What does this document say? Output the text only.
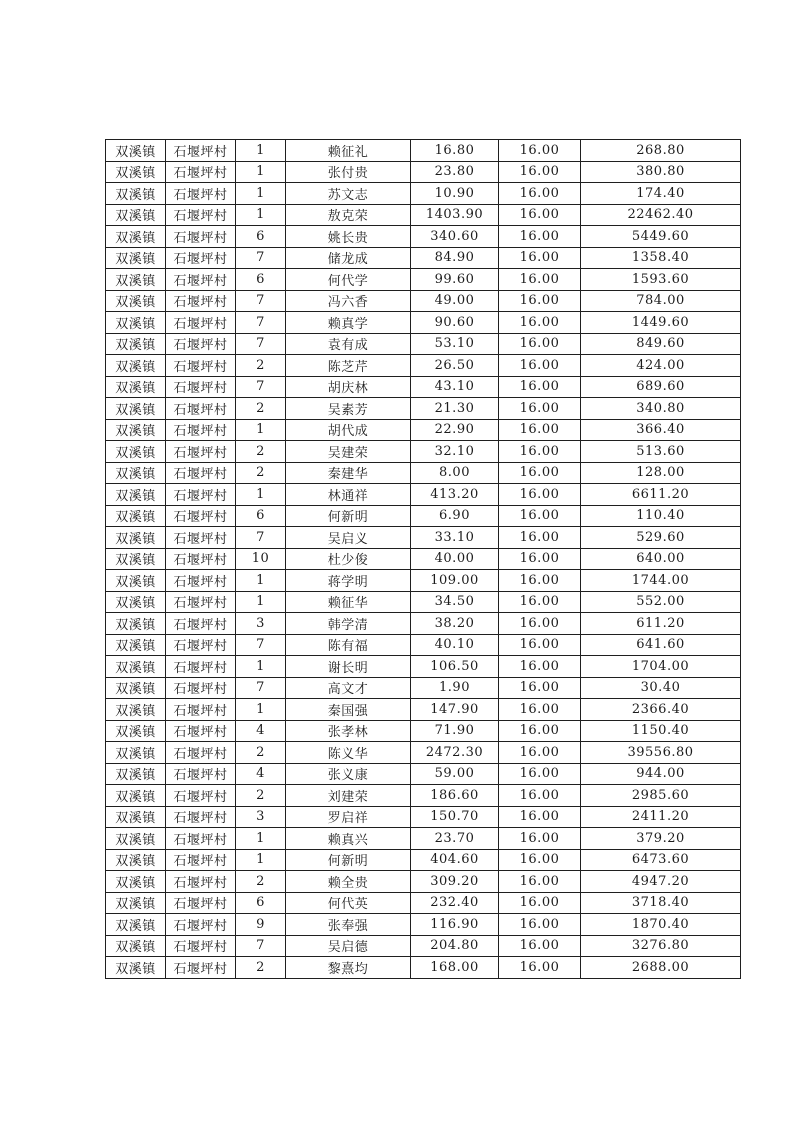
双溪镇	石堰坪村	1	赖征礼	16.80	16.00	268.80
双溪镇	石堰坪村	1	张付贵	23.80	16.00	380.80
双溪镇	石堰坪村	1	苏文志	10.90	16.00	174.40
双溪镇	石堰坪村	1	敖克荣	1403.90	16.00	22462.40
双溪镇	石堰坪村	6	姚长贵	340.60	16.00	5449.60
双溪镇	石堰坪村	7	储龙成	84.90	16.00	1358.40
双溪镇	石堰坪村	6	何代学	99.60	16.00	1593.60
双溪镇	石堰坪村	7	冯六香	49.00	16.00	784.00
双溪镇	石堰坪村	7	赖真学	90.60	16.00	1449.60
双溪镇	石堰坪村	7	袁有成	53.10	16.00	849.60
双溪镇	石堰坪村	2	陈芝芹	26.50	16.00	424.00
双溪镇	石堰坪村	7	胡庆林	43.10	16.00	689.60
双溪镇	石堰坪村	2	吴素芳	21.30	16.00	340.80
双溪镇	石堰坪村	1	胡代成	22.90	16.00	366.40
双溪镇	石堰坪村	2	吴建荣	32.10	16.00	513.60
双溪镇	石堰坪村	2	秦建华	8.00	16.00	128.00
双溪镇	石堰坪村	1	林通祥	413.20	16.00	6611.20
双溪镇	石堰坪村	6	何新明	6.90	16.00	110.40
双溪镇	石堰坪村	7	吴启义	33.10	16.00	529.60
双溪镇	石堰坪村	10	杜少俊	40.00	16.00	640.00
双溪镇	石堰坪村	1	蒋学明	109.00	16.00	1744.00
双溪镇	石堰坪村	1	赖征华	34.50	16.00	552.00
双溪镇	石堰坪村	3	韩学清	38.20	16.00	611.20
双溪镇	石堰坪村	7	陈有福	40.10	16.00	641.60
双溪镇	石堰坪村	1	谢长明	106.50	16.00	1704.00
双溪镇	石堰坪村	7	高文才	1.90	16.00	30.40
双溪镇	石堰坪村	1	秦国强	147.90	16.00	2366.40
双溪镇	石堰坪村	4	张孝林	71.90	16.00	1150.40
双溪镇	石堰坪村	2	陈义华	2472.30	16.00	39556.80
双溪镇	石堰坪村	4	张义康	59.00	16.00	944.00
双溪镇	石堰坪村	2	刘建荣	186.60	16.00	2985.60
双溪镇	石堰坪村	3	罗启祥	150.70	16.00	2411.20
双溪镇	石堰坪村	1	赖真兴	23.70	16.00	379.20
双溪镇	石堰坪村	1	何新明	404.60	16.00	6473.60
双溪镇	石堰坪村	2	赖全贵	309.20	16.00	4947.20
双溪镇	石堰坪村	6	何代英	232.40	16.00	3718.40
双溪镇	石堰坪村	9	张奉强	116.90	16.00	1870.40
双溪镇	石堰坪村	7	吴启德	204.80	16.00	3276.80
双溪镇	石堰坪村	2	黎熹均	168.00	16.00	2688.00
